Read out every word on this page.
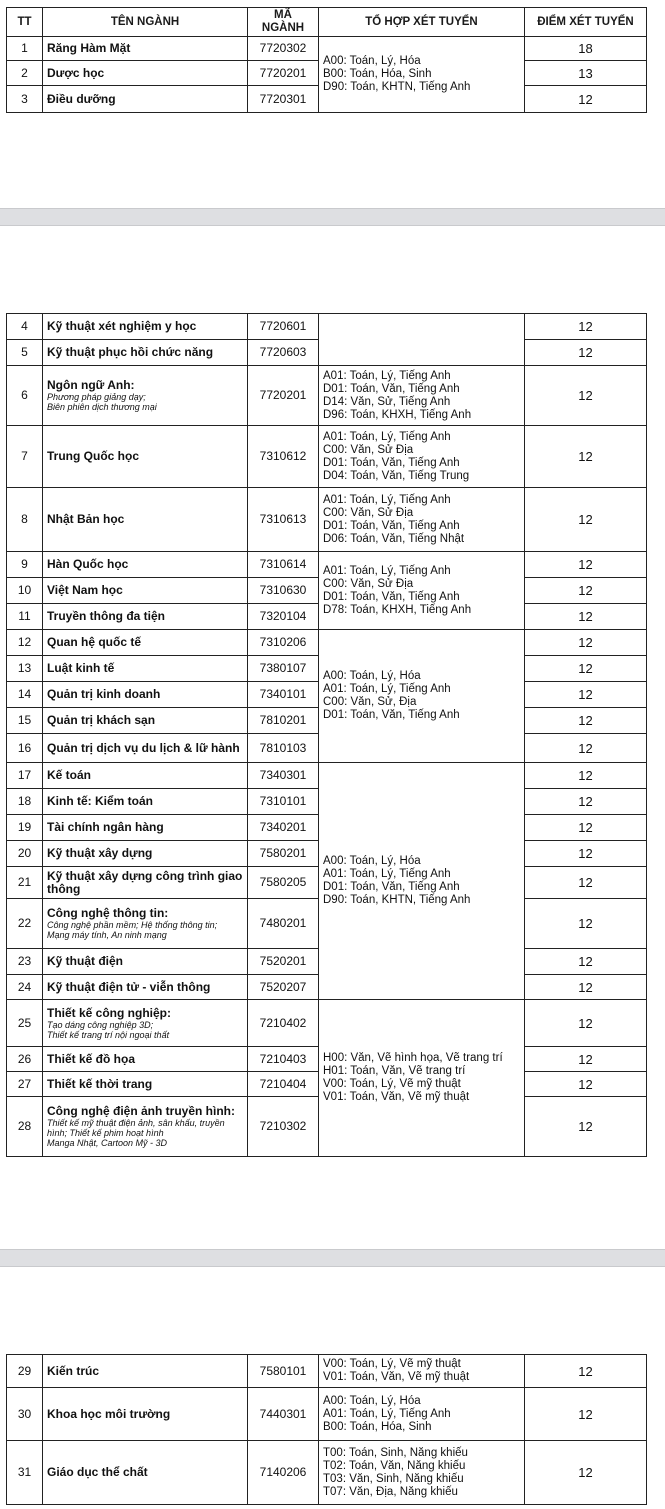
TT	TÊN NGÀNH	MÃ
NGÀNH	TỔ HỢP XÉT TUYỂN	ĐIỂM XÉT TUYỂN
1	Răng Hàm Mặt	7720302	A00: Toán, Lý, Hóa
B00: Toán, Hóa, Sinh
D90: Toán, KHTN, Tiếng Anh	18
2	Dược học	7720201		13
3	Điều dưỡng	7720301		12
4	Kỹ thuật xét nghiệm y học	7720601		12
5	Kỹ thuật phục hồi chức năng	7720603		12
6	Ngôn ngữ Anh:
Phương pháp giảng dạy;
Biên phiên dịch thương mại	7720201	A01: Toán, Lý, Tiếng Anh
D01: Toán, Văn, Tiếng Anh
D14: Văn, Sử, Tiếng Anh
D96: Toán, KHXH, Tiếng Anh	12
7	Trung Quốc học	7310612	A01: Toán, Lý, Tiếng Anh
C00: Văn, Sử Địa
D01: Toán, Văn, Tiếng Anh
D04: Toán, Văn, Tiếng Trung	12
8	Nhật Bản học	7310613	A01: Toán, Lý, Tiếng Anh
C00: Văn, Sử Địa
D01: Toán, Văn, Tiếng Anh
D06: Toán, Văn, Tiếng Nhật	12
9	Hàn Quốc học	7310614	A01: Toán, Lý, Tiếng Anh
C00: Văn, Sử Địa
D01: Toán, Văn, Tiếng Anh
D78: Toán, KHXH, Tiếng Anh	12
10	Việt Nam học	7310630		12
11	Truyền thông đa tiện	7320104		12
12	Quan hệ quốc tế	7310206	A00: Toán, Lý, Hóa
A01: Toán, Lý, Tiếng Anh
C00: Văn, Sử, Địa
D01: Toán, Văn, Tiếng Anh	12
13	Luật kinh tế	7380107		12
14	Quản trị kinh doanh	7340101		12
15	Quản trị khách sạn	7810201		12
16	Quản trị dịch vụ du lịch & lữ hành	7810103		12
17	Kế toán	7340301	A00: Toán, Lý, Hóa
A01: Toán, Lý, Tiếng Anh
D01: Toán, Văn, Tiếng Anh
D90: Toán, KHTN, Tiếng Anh	12
18	Kinh tế: Kiểm toán	7310101		12
19	Tài chính ngân hàng	7340201		12
20	Kỹ thuật xây dựng	7580201		12
21	Kỹ thuật xây dựng công trình giao thông	7580205		12
22	Công nghệ thông tin:
Công nghệ phần mềm; Hệ thống thông tin;
Mạng máy tính, An ninh mạng	7480201		12
23	Kỹ thuật điện	7520201		12
24	Kỹ thuật điện tử - viễn thông	7520207		12
25	Thiết kế công nghiệp:
Tạo dáng công nghiệp 3D;
Thiết kế trang trí nội ngoại thất	7210402	H00: Văn, Vẽ hình họa, Vẽ trang trí
H01: Toán, Văn, Vẽ trang trí
V00: Toán, Lý, Vẽ mỹ thuật
V01: Toán, Văn, Vẽ mỹ thuật	12
26	Thiết kế đồ họa	7210403		12
27	Thiết kế thời trang	7210404		12
28	Công nghệ điện ảnh truyền hình:
Thiết kế mỹ thuật điện ảnh, sân khấu, truyền hình; Thiết kế phim hoạt hình
Manga Nhật, Cartoon Mỹ - 3D	7210302		12
29	Kiến trúc	7580101	V00: Toán, Lý, Vẽ mỹ thuật
V01: Toán, Văn, Vẽ mỹ thuật	12
30	Khoa học môi trường	7440301	A00: Toán, Lý, Hóa
A01: Toán, Lý, Tiếng Anh
B00: Toán, Hóa, Sinh	12
31	Giáo dục thể chất	7140206	T00: Toán, Sinh, Năng khiếu
T02: Toán, Văn, Năng khiếu
T03: Văn, Sinh, Năng khiếu
T07: Văn, Địa, Năng khiếu	12
